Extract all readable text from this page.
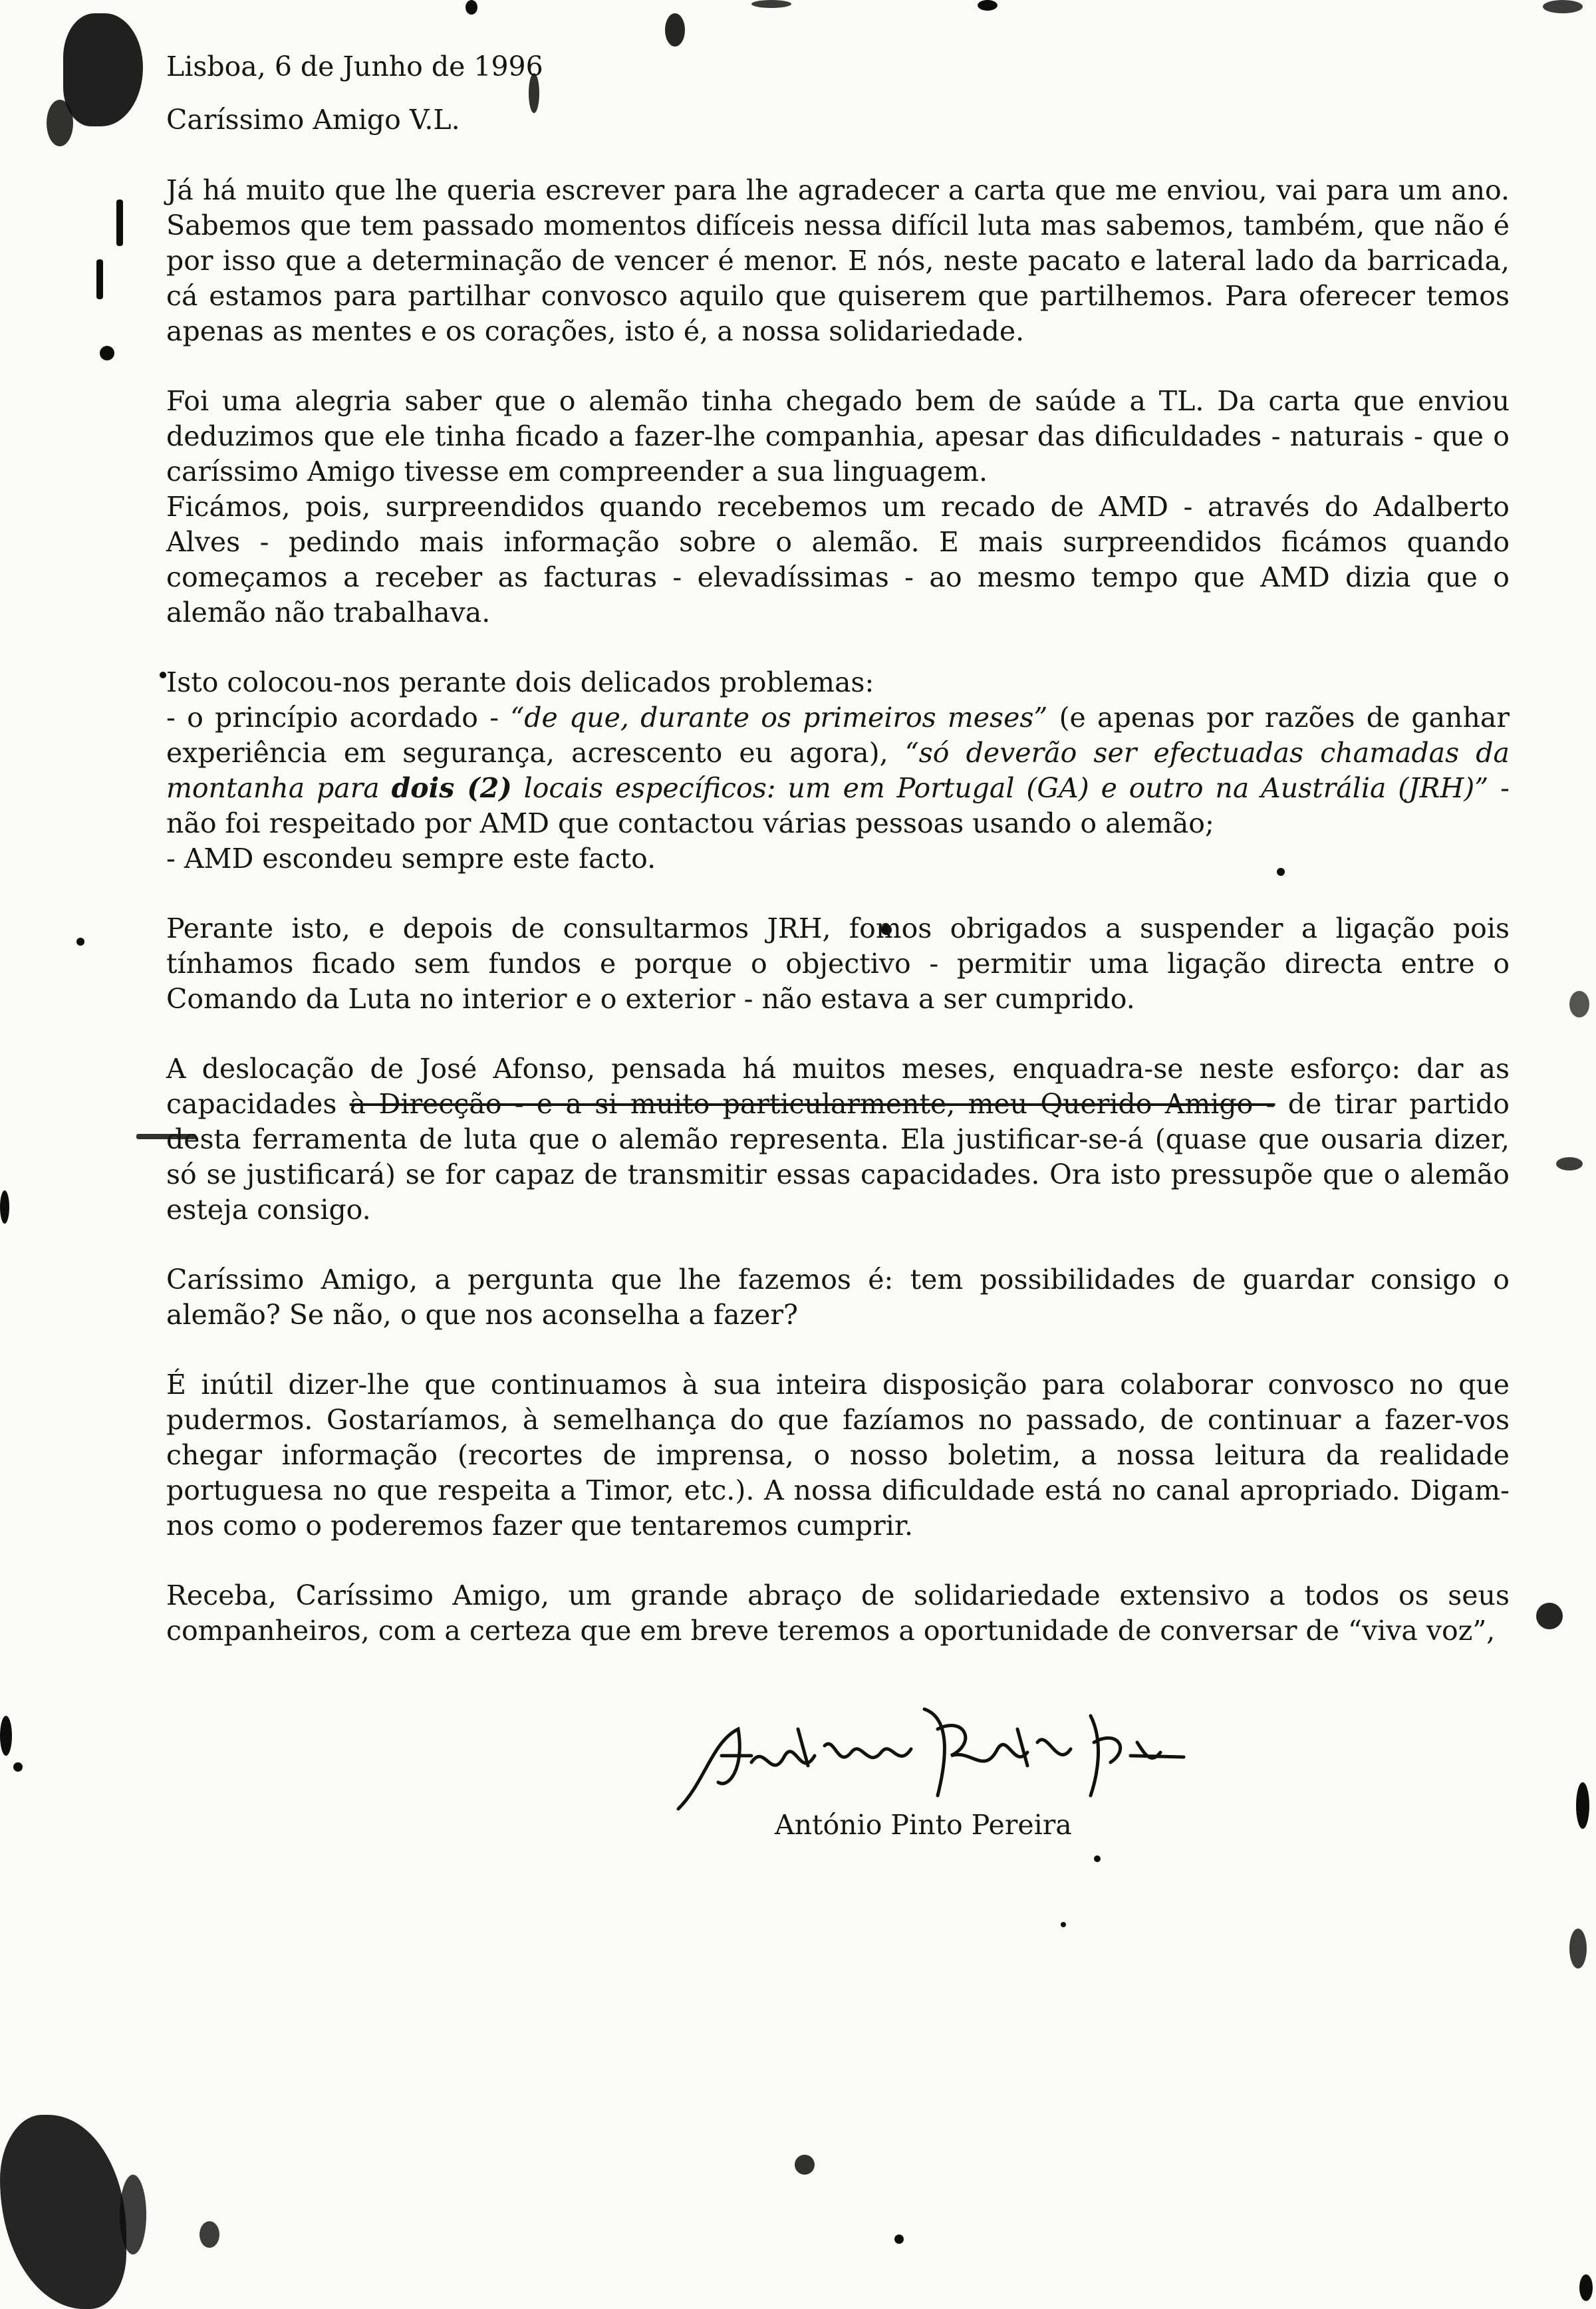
Lisboa, 6 de Junho de 1996

Caríssimo Amigo V.L.

Já há muito que lhe queria escrever para lhe agradecer a carta que me enviou, vai para um ano. Sabemos que tem passado momentos difíceis nessa difícil luta mas sabemos, também, que não é por isso que a determinação de vencer é menor. E nós, neste pacato e lateral lado da barricada, cá estamos para partilhar convosco aquilo que quiserem que partilhemos. Para oferecer temos apenas as mentes e os corações, isto é, a nossa solidariedade.

Foi uma alegria saber que o alemão tinha chegado bem de saúde a TL. Da carta que enviou deduzimos que ele tinha ficado a fazer-lhe companhia, apesar das dificuldades - naturais - que o caríssimo Amigo tivesse em compreender a sua linguagem.

Ficámos, pois, surpreendidos quando recebemos um recado de AMD - através do Adalberto Alves - pedindo mais informação sobre o alemão. E mais surpreendidos ficámos quando começamos a receber as facturas - elevadíssimas - ao mesmo tempo que AMD dizia que o alemão não trabalhava.

Isto colocou-nos perante dois delicados problemas:

- o princípio acordado - “de que, durante os primeiros meses” (e apenas por razões de ganhar experiência em segurança, acrescento eu agora), “só deverão ser efectuadas chamadas da montanha para dois (2) locais específicos: um em Portugal (GA) e outro na Austrália (JRH)” - não foi respeitado por AMD que contactou várias pessoas usando o alemão;

- AMD escondeu sempre este facto.

Perante isto, e depois de consultarmos JRH, fomos obrigados a suspender a ligação pois tínhamos ficado sem fundos e porque o objectivo - permitir uma ligação directa entre o Comando da Luta no interior e o exterior - não estava a ser cumprido.

A deslocação de José Afonso, pensada há muitos meses, enquadra-se neste esforço: dar as capacidades à Direcção - e a si muito particularmente, meu Querido Amigo - de tirar partido desta ferramenta de luta que o alemão representa. Ela justificar-se-á (quase que ousaria dizer, só se justificará) se for capaz de transmitir essas capacidades. Ora isto pressupõe que o alemão esteja consigo.

Caríssimo Amigo, a pergunta que lhe fazemos é: tem possibilidades de guardar consigo o alemão? Se não, o que nos aconselha a fazer?

É inútil dizer-lhe que continuamos à sua inteira disposição para colaborar convosco no que pudermos. Gostaríamos, à semelhança do que fazíamos no passado, de continuar a fazer-vos chegar informação (recortes de imprensa, o nosso boletim, a nossa leitura da realidade portuguesa no que respeita a Timor, etc.). A nossa dificuldade está no canal apropriado. Digam-nos como o poderemos fazer que tentaremos cumprir.

Receba, Caríssimo Amigo, um grande abraço de solidariedade extensivo a todos os seus companheiros, com a certeza que em breve teremos a oportunidade de conversar de “viva voz”,

António Pinto Pereira
